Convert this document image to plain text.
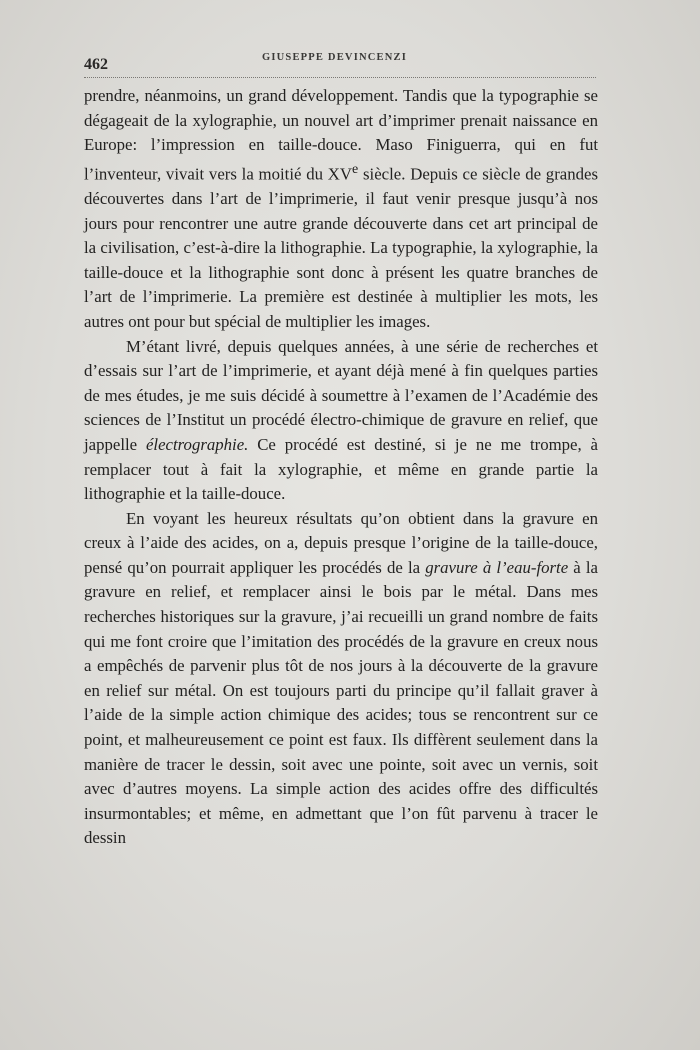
462	GIUSEPPE DEVINCENZI

prendre, néanmoins, un grand développement. Tandis que la typographie se dégageait de la xylographie, un nouvel art d’imprimer prenait naissance en Europe: l’impression en taille-douce. Maso Finiguerra, qui en fut l’inventeur, vivait vers la moitié du XVe siècle. Depuis ce siècle de grandes découvertes dans l’art de l’imprimerie, il faut venir presque jusqu’à nos jours pour rencontrer une autre grande découverte dans cet art principal de la civilisation, c’est-à-dire la lithographie. La typographie, la xylographie, la taille-douce et la lithographie sont donc à présent les quatre branches de l’art de l’imprimerie. La première est destinée à multiplier les mots, les autres ont pour but spécial de multiplier les images.

M’étant livré, depuis quelques années, à une série de recherches et d’essais sur l’art de l’imprimerie, et ayant déjà mené à fin quelques parties de mes études, je me suis décidé à soumettre à l’examen de l’Académie des sciences de l’Institut un procédé électro-chimique de gravure en relief, que jappelle électrographie. Ce procédé est destiné, si je ne me trompe, à remplacer tout à fait la xylographie, et même en grande partie la lithographie et la taille-douce.

En voyant les heureux résultats qu’on obtient dans la gravure en creux à l’aide des acides, on a, depuis presque l’origine de la taille-douce, pensé qu’on pourrait appliquer les procédés de la gravure à l’eau-forte à la gravure en relief, et remplacer ainsi le bois par le métal. Dans mes recherches historiques sur la gravure, j’ai recueilli un grand nombre de faits qui me font croire que l’imitation des procédés de la gravure en creux nous a empêchés de parvenir plus tôt de nos jours à la découverte de la gravure en relief sur métal. On est toujours parti du principe qu’il fallait graver à l’aide de la simple action chimique des acides; tous se rencontrent sur ce point, et malheureusement ce point est faux. Ils diffèrent seulement dans la manière de tracer le dessin, soit avec une pointe, soit avec un vernis, soit avec d’autres moyens. La simple action des acides offre des difficultés insurmontables; et même, en admettant que l’on fût parvenu à tracer le dessin
